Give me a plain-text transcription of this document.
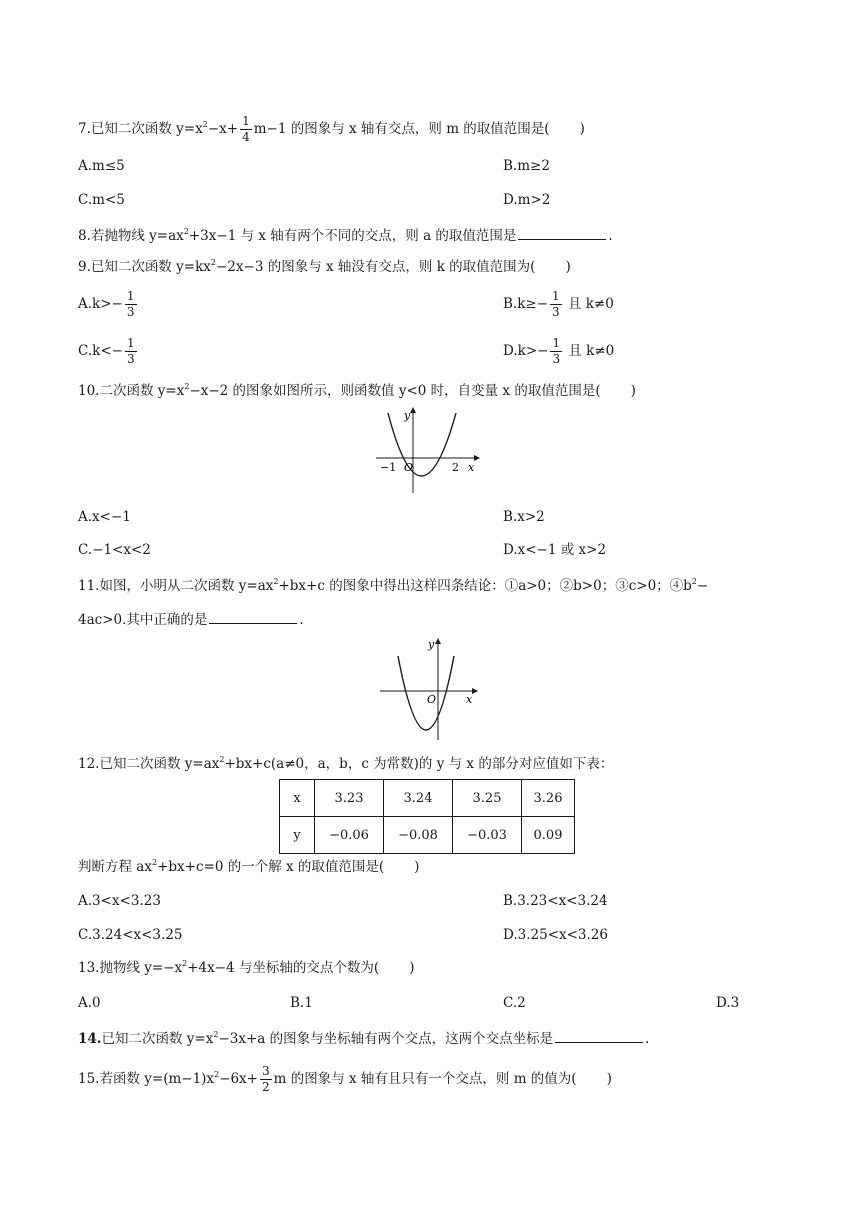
7.已知二次函数 $y=x^2-x+ \frac{1}{4} m-1$ 的图象与 x 轴有交点，则 m 的取值范围是( )
A.m≤5	B.m≥2
C.m<5	D.m>2
8.若抛物线 $y=ax^2+3x-1$ 与 x 轴有两个不同的交点，则 a 的取值范围是	.
9.已知二次函数 $y=kx^2-2x-3$ 的图象与 x 轴没有交点，则 k 的取值范围为( )
$A.k>- \frac{1}{3}$	$B.k\ge- \frac{1}{3}$ 且 k≠0
$C.k<- \frac{1}{3}$	$D.k>- \frac{1}{3}$ 且 k≠0
10.二次函数 $y=x^2-x-2$ 的图象如图所示，则函数值 y<0 时，自变量 x 的取值范围是( )
y
x
O
−1	2
A.x<−1	B.x>2
C.−1<x<2	D.x<−1 或 x>2
11.如图，小明从二次函数 $y=ax^2+bx+c$ 的图象中得出这样四条结论：①a>0；②b>0；③c>0；$④b^2-$
4ac>0.其中正确的是	.
y
x
O
12.已知二次函数 $y=ax^2+bx+c(a\ne 0$，a，b，c 为常数)的 y 与 x 的部分对应值如下表：
x	3.23	3.24	3.25	3.26
y	−0.06	−0.08	−0.03	0.09
判断方程 $ax^2+bx+c=0$ 的一个解 x 的取值范围是( )
A.3<x<3.23	B.3.23<x<3.24
C.3.24<x<3.25	D.3.25<x<3.26
13.抛物线 $y=-x^2+4x-4$ 与坐标轴的交点个数为( )
A.0	B.1	C.2	D.3
14.已知二次函数 $y=x^2-3x+a$ 的图象与坐标轴有两个交点，这两个交点坐标是	.
15.若函数 $y=(m-1)x^2-6x+ \frac{3}{2}$ m 的图象与 x 轴有且只有一个交点，则 m 的值为( )
